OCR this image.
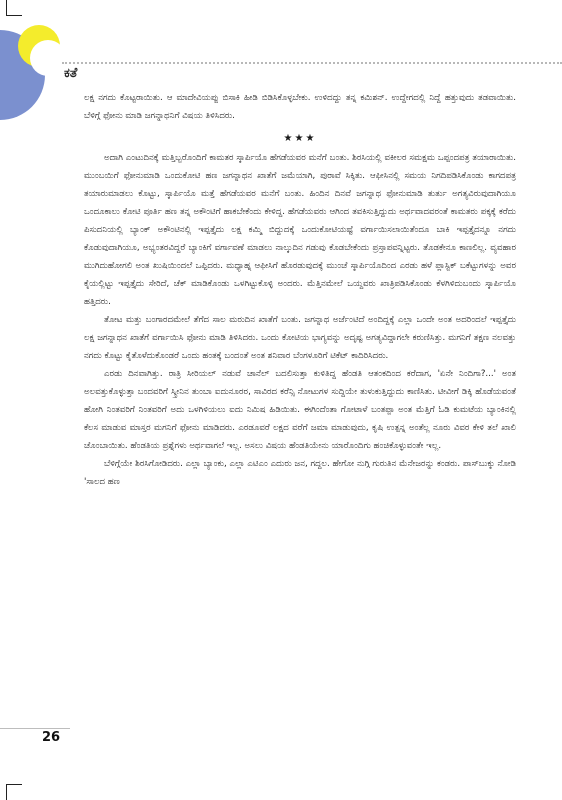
ಕತೆ

ಲಕ್ಷ ನಗದು ಕೊಟ್ಟರಾಯಿತು. ಆ ಮಾದೇವಿಯಪ್ಪು ಬಿಸಾಕಿ ಹೀಡಿ ಬಿಡಿಸಿಕೊಳ್ಳಬೇಕು. ಉಳಿದದ್ದು ತನ್ನ ಕಮಿಶನ್. ಉದ್ದೇಗದಲ್ಲಿ ನಿದ್ದೆ ಹತ್ತುವುದು ತಡವಾಯಿತು. ಬೆಳಿಗ್ಗೆ ಫೋನು ಮಾಡಿ ಜಗನ್ನಾಥನಿಗೆ ವಿಷಯ ತಿಳಿಸಿದರು.

★★★

ಅದಾಗಿ ಎಂಟುದಿನಕ್ಕೆ ಮತ್ತಿಬ್ಬರೊಂದಿಗೆ ಕಾಮತರ ಸ್ಕಾರ್ಪಿಯೊ ಹೆಗಡೆಯವರ ಮನೆಗೆ ಬಂತು. ಶಿರಸಿಯಲ್ಲಿ ವಕೀಲರ ಸಮಕ್ಷಮ ಒಪ್ಪಂದಪತ್ರ ತಯಾರಾಯಿತು. ಮುಂಬಯಿಗೆ ಫೋನುಮಾಡಿ ಒಂದುಕೋಟಿ ಹಣ ಜಗನ್ನಾಥನ ಖಾತೆಗೆ ಜಮೆಯಾಗಿ, ಪುರಾವೆ ಸಿಕ್ಕಿತು. ಆಫೀಸಿನಲ್ಲಿ ಸಮಯ ನಿಗದಿಪಡಿಸಿಕೊಂಡು ಕಾಗದಪತ್ರ ತಯಾರುಮಾಡಲು ಕೊಟ್ಟು, ಸ್ಕಾರ್ಪಿಯೊ ಮತ್ತೆ ಹೆಗಡೆಯವರ ಮನೆಗೆ ಬಂತು. ಹಿಂದಿನ ದಿನವೆ ಜಗನ್ನಾಥ ಫೋನುಮಾಡಿ ತುರ್ತು ಅಗತ್ಯವಿರುವುದಾಗಿಯೂ ಒಂದೂಕಾಲು ಕೋಟಿ ಪೂರ್ತಿ ಹಣ ತನ್ನ ಅಕೌಂಟಿಗೆ ಹಾಕಬೇಕೆಂದು ಕೇಳಿದ್ದ. ಹೆಗಡೆಯವರು ಆಗಿಂದ ತವಕಿಸುತ್ತಿದ್ದುದು ಅರ್ಥವಾದವರಂತೆ ಕಾಮತರು ಪಕ್ಕಕ್ಕೆ ಕರೆದು ಪಿಸುದನಿಯಲ್ಲಿ ಬ್ಯಾಂಕ್ ಅಕೌಂಟಿನಲ್ಲಿ ಇಪ್ಪತ್ತೈದು ಲಕ್ಷ ಕಮ್ಮಿ ಬಿದ್ದುದಕ್ಕೆ ಒಂದುಕೋಟಿಯಷ್ಟೆ ವರ್ಗಾಯಿಸಲಾಯಿತೆಂದೂ ಬಾಕಿ ಇಪ್ಪತ್ತೈದನ್ನೂ ನಗದು ಕೊಡುವುದಾಗಿಯೂ, ಅಭ್ಯಂತರವಿದ್ದರೆ ಬ್ಯಾಂಕಿಗೆ ವರ್ಗಾವಣೆ ಮಾಡಲು ನಾಲ್ಕುದಿನ ಗಡುವು ಕೊಡಬೇಕೆಂದು ಪ್ರಸ್ತಾಪವನ್ನಿಟ್ಟರು. ತೊಡಕೇನೂ ಕಾಣಲಿಲ್ಲ. ವ್ಯವಹಾರ ಮುಗಿದುಹೋಗಲಿ ಅಂತ ಖುಷಿಯಿಂದಲೆ ಒಪ್ಪಿದರು. ಮಧ್ಯಾಹ್ನ ಆಫೀಸಿಗೆ ಹೊರಡುವುದಕ್ಕೆ ಮುಂಚೆ ಸ್ಕಾರ್ಪಿಯೊದಿಂದ ಎರಡು ಹಳೆ ಪ್ಲಾಸ್ಟಿಕ್ ಬಕೆಟ್ಟುಗಳನ್ನು ಅವರ ಕೈಯಲ್ಲಿಟ್ಟು ಇಪ್ಪತ್ತೈದು ಸೇರಿದೆ, ಚೆಕ್ ಮಾಡಿಕೊಂಡು ಒಳಗಿಟ್ಟುಕೊಳ್ಳಿ ಅಂದರು. ಮೆತ್ತಿನಮೇಲೆ ಒಯ್ದವರು ಖಾತ್ರಿಪಡಿಸಿಕೊಂಡು ಕೆಳಗಿಳಿದುಬಂದು ಸ್ಕಾರ್ಪಿಯೊ ಹತ್ತಿದರು.

ತೋಟ ಮತ್ತು ಬಂಗಾರದಮೇಲೆ ತೆಗೆದ ಸಾಲ ಮರುದಿನ ಖಾತೆಗೆ ಬಂತು. ಜಗನ್ನಾಥ ಅರ್ಜೆಂಟಿದೆ ಅಂದಿದ್ದಕ್ಕೆ ಎಲ್ಲಾ ಒಂದೇ ಅಂತ ಅದರಿಂದಲೆ ಇಪ್ಪತ್ತೈದು ಲಕ್ಷ ಜಗನ್ನಾಥನ ಖಾತೆಗೆ ವರ್ಗಾಯಿಸಿ ಫೋನು ಮಾಡಿ ತಿಳಿಸಿದರು. ಒಂದು ಕೋಟಿಯ ಭಾಗ್ಯವನ್ನು ಅದೃಷ್ಟ ಅಗತ್ಯವಿದ್ದಾಗಲೇ ಕರುಣಿಸಿತ್ತು. ಮಗನಿಗೆ ತಕ್ಷಣ ನಲವತ್ತು ನಗದು ಕೊಟ್ಟು ಕೈತೊಳೆದುಕೊಂಡರೆ ಒಂದು ಹಂತಕ್ಕೆ ಬಂದಂತೆ ಅಂತ ಶನಿವಾರ ಬೆಂಗಳೂರಿಗೆ ಟಿಕೆಟ್ ಕಾದಿರಿಸಿದರು.

ಎರಡು ದಿನವಾಗಿತ್ತು. ರಾತ್ರಿ ಸೀರಿಯಲ್ ನಡುವೆ ಚಾನೆಲ್ ಬದಲಿಸುತ್ತಾ ಕುಳಿತಿದ್ದ ಹೆಂಡತಿ ಆತಂಕದಿಂದ ಕರೆದಾಗ, 'ಏನೇ ನಿಂದಿಗಾ?...' ಅಂತ ಅಲವತ್ತುಕೊಳ್ಳುತ್ತಾ ಬಂದವರಿಗೆ ಸ್ಕ್ರೀನಿನ ತುಂಬಾ ಐದುನೂರರ, ಸಾವಿರದ ಕರೆನ್ಸಿ ನೋಟುಗಳ ಸುದ್ದಿಯೇ ತುಳುಕುತ್ತಿದ್ದುದು ಕಾಣಿಸಿತು. ಟೀವೀಗೆ ಡಿಕ್ಕಿ ಹೊಡೆಯವಂತೆ ಹೋಗಿ ನಿಂತವರಿಗೆ ನಿಂತವರಿಗೆ ಅದು ಒಳಗಿಳಿಯಲು ಐದು ನಿಮಿಷ ಹಿಡಿಯಿತು. ಈಗಿಂದೆಂತಾ ಗೋಟಾಳೆ ಬಂತಪ್ಪಾ ಅಂತ ಮೆತ್ತಿಗೆ ಓಡಿ ಕುಮಟೆಯ ಬ್ಯಾಂಕಿನಲ್ಲಿ ಕೆಲಸ ಮಾಡುವ ಮಾಸ್ತರ ಮಗನಿಗೆ ಫೋನು ಮಾಡಿದರು. ಎರಡೂವರೆ ಲಕ್ಷದ ವರೆಗೆ ಜಮಾ ಮಾಡುವುದು, ಕೃಷಿ ಉತ್ಪನ್ನ ಅಂತೆಲ್ಲ ನೂರು ವಿವರ ಕೇಳಿ ತಲೆ ಖಾಲಿ ಚೊಂಬಾಯಿತು. ಹೆಂಡತಿಯ ಪ್ರಶ್ನೆಗಳು ಅರ್ಥವಾಗಲೆ ಇಲ್ಲ. ಅಸಲು ವಿಷಯ ಹೆಂಡತಿಯೇನು ಯಾರೊಂದಿಗು ಹಂಚಿಕೊಳ್ಳುವಂತೇ ಇಲ್ಲ.

ಬೆಳಿಗ್ಗೆಯೇ ಶಿರಸಿಗೋಡಿದರು. ಎಲ್ಲಾ ಬ್ಯಾಂಕು, ಎಲ್ಲಾ ಎಟಿಎಂ ಎದುರು ಜನ, ಗದ್ದಲ. ಹೇಗೋ ನುಗ್ಗಿ ಗುರುತಿನ ಮೆನೇಜರನ್ನು ಕಂಡರು. ಪಾಸ್‌ಬುಕ್ಕು ನೋಡಿ 'ಸಾಲದ ಹಣ

26
